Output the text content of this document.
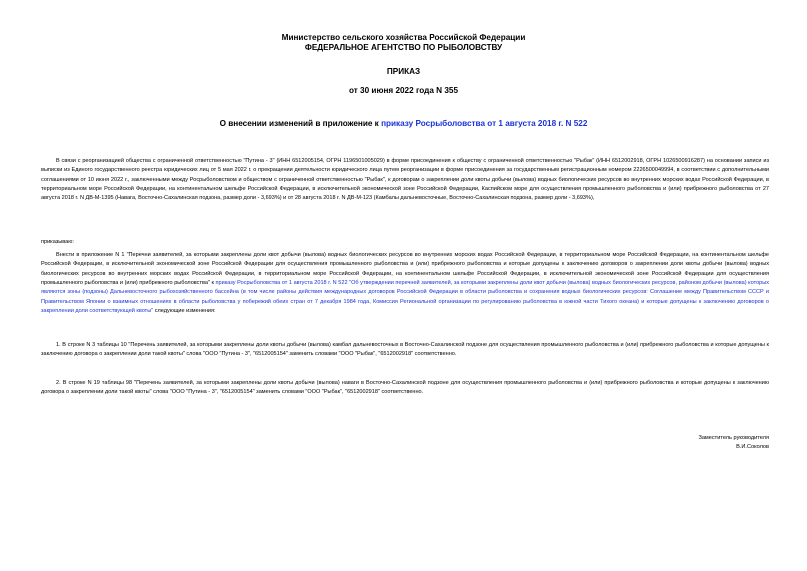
Министерство сельского хозяйства Российской Федерации
ФЕДЕРАЛЬНОЕ АГЕНТСТВО ПО РЫБОЛОВСТВУ
ПРИКАЗ
от 30 июня 2022 года N 355
О внесении изменений в приложение к приказу Росрыболовства от 1 августа 2018 г. N 522
В связи с реорганизацией общества с ограниченной ответственностью "Путина - 3" (ИНН 6512005154, ОГРН 1196501005029) в форме присоединения к обществу с ограниченной ответственностью "Рыбак" (ИНН 6512002918, ОГРН 1026500916287) на основании записи из выписки из Единого государственного реестра юридических лиц от 5 мая 2022 г. о прекращении деятельности юридического лица путем реорганизации в форме присоединения за государственным регистрационным номером 2226500049994, в соответствии с дополнительными соглашениями от 10 июня 2022 г., заключенными между Росрыболовством и обществом с ограниченной ответственностью "Рыбак", к договорам о закреплении доли квоты добычи (вылова) водных биологических ресурсов во внутренних морских водах Российской Федерации, в территориальном море Российской Федерации, на континентальном шельфе Российской Федерации, в исключительной экономической зоне Российской Федерации, Каспийском море для осуществления промышленного рыболовства и (или) прибрежного рыболовства от 27 августа 2018 г. N ДВ-М-1395 (Навага, Восточно-Сахалинская подзона, размер доли - 3,693%) и от 28 августа 2018 г. N ДВ-М-123 (Камбалы дальневосточные, Восточно-Сахалинская подзона, размер доли - 3,693%),
приказываю:
Внести в приложение N 1 "Перечни заявителей, за которыми закреплены доли квот добычи (вылова) водных биологических ресурсов во внутренних морских водах Российской Федерации, в территориальном море Российской Федерации, на континентальном шельфе Российской Федерации, в исключительной экономической зоне Российской Федерации для осуществления промышленного рыболовства и (или) прибрежного рыболовства и которые допущены к заключению договоров о закреплении доли квоты добычи (вылова) водных биологических ресурсов во внутренних морских водах Российской Федерации, в территориальном море Российской Федерации, на континентальном шельфе Российской Федерации, в исключительной экономической зоне Российской Федерации для осуществления промышленного рыболовства и (или) прибрежного рыболовства" к приказу Росрыболовства от 1 августа 2018 г. N 522 "Об утверждении перечней заявителей, за которыми закреплены доли квот добычи (вылова) водных биологических ресурсов, районом добычи (вылова) которых являются зоны (подзоны) Дальневосточного рыбохозяйственного бассейна (в том числе районы действия международных договоров Российской Федерации в области рыболовства и сохранения водных биологических ресурсов: Соглашение между Правительством СССР и Правительством Японии о взаимных отношениях в области рыболовства у побережий обеих стран от 7 декабря 1984 года, Комиссия Региональной организации по регулированию рыболовства в южной части Тихого океана) и которые допущены к заключению договоров о закреплении доли соответствующей квоты" следующие изменения:
1. В строке N 3 таблицы 10 "Перечень заявителей, за которыми закреплены доли квоты добычи (вылова) камбал дальневосточных в Восточно-Сахалинской подзоне для осуществления промышленного рыболовства и (или) прибрежного рыболовства и которые допущены к заключению договора о закреплении доли такой квоты" слова "ООО "Путина - 3", "6512005154" заменить словами "ООО "Рыбак", "6512002918" соответственно.
2. В строке N 19 таблицы 98 "Перечень заявителей, за которыми закреплены доли квоты добычи (вылова) наваги в Восточно-Сахалинской подзоне для осуществления промышленного рыболовства и (или) прибрежного рыболовства и которые допущены к заключению договора о закреплении доли такой квоты" слова "ООО "Путина - 3", "6512005154" заменить словами "ООО "Рыбак", "6512002918" соответственно.
Заместитель руководителя
В.И.Соколов
